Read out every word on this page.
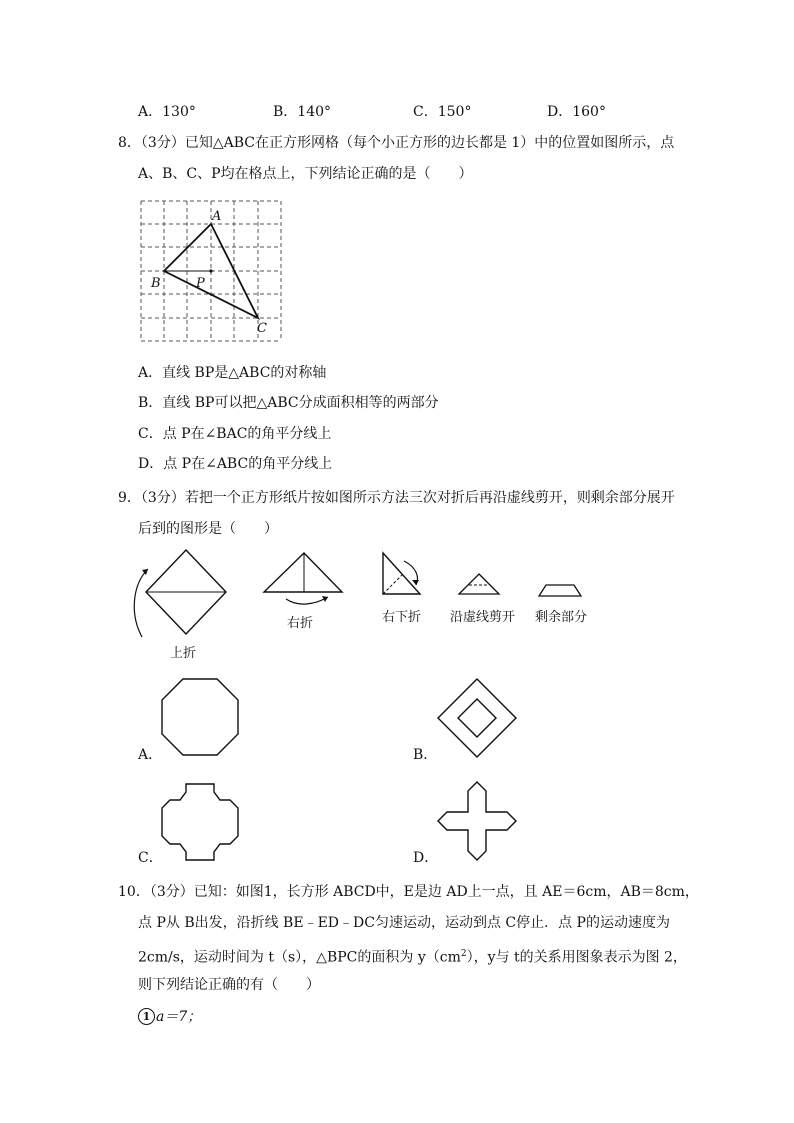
A．130°	B．140°	C．150°	D．160°
8．（3分）已知△ABC在正方形网格（每个小正方形的边长都是 1）中的位置如图所示，点
A、B、C、P均在格点上，下列结论正确的是（　　）
A
B	P
C
A．直线 BP是△ABC的对称轴
B．直线 BP可以把△ABC分成面积相等的两部分
C．点 P在∠BAC的角平分线上
D．点 P在∠ABC的角平分线上
9．（3分）若把一个正方形纸片按如图所示方法三次对折后再沿虚线剪开，则剩余部分展开
后到的图形是（　　）
上折
右折	右下折 沿虚线剪开 剩余部分
A．	B．
C．	D．
10．（3分）已知：如图1，长方形 ABCD中，E是边 AD上一点，且 AE＝6cm，AB＝8cm，
点 P从 B出发，沿折线 BE﹣ED﹣DC匀速运动，运动到点 C停止．点 P的运动速度为
2cm/s，运动时间为 t（s），△BPC的面积为 $y(cm^2)$，y与 t的关系用图象表示为图 2，
则下列结论正确的有（　　）
1 a＝7；
